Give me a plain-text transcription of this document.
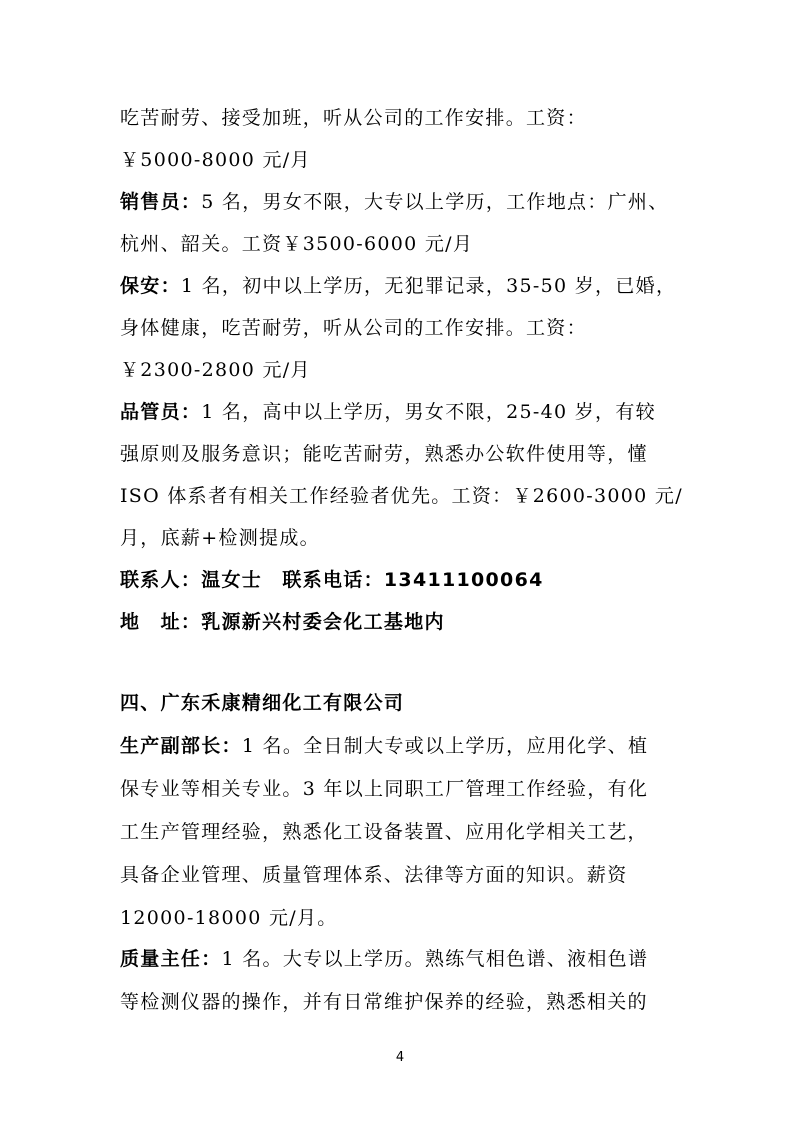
吃苦耐劳、接受加班，听从公司的工作安排。工资：
￥5000-8000 元/月
销售员：5 名，男女不限，大专以上学历，工作地点：广州、
杭州、韶关。工资￥3500-6000 元/月
保安：1 名，初中以上学历，无犯罪记录，35-50 岁，已婚，
身体健康，吃苦耐劳，听从公司的工作安排。工资：
￥2300-2800 元/月
品管员：1 名，高中以上学历，男女不限，25-40 岁，有较
强原则及服务意识；能吃苦耐劳，熟悉办公软件使用等，懂
ISO 体系者有相关工作经验者优先。工资：￥2600-3000 元/
月，底薪+检测提成。
联系人：温女士　联系电话：13411100064
地　址：乳源新兴村委会化工基地内
四、广东禾康精细化工有限公司
生产副部长：1 名。全日制大专或以上学历，应用化学、植
保专业等相关专业。3 年以上同职工厂管理工作经验，有化
工生产管理经验，熟悉化工设备装置、应用化学相关工艺，
具备企业管理、质量管理体系、法律等方面的知识。薪资
12000-18000 元/月。
质量主任：1 名。大专以上学历。熟练气相色谱、液相色谱
等检测仪器的操作，并有日常维护保养的经验，熟悉相关的
4
